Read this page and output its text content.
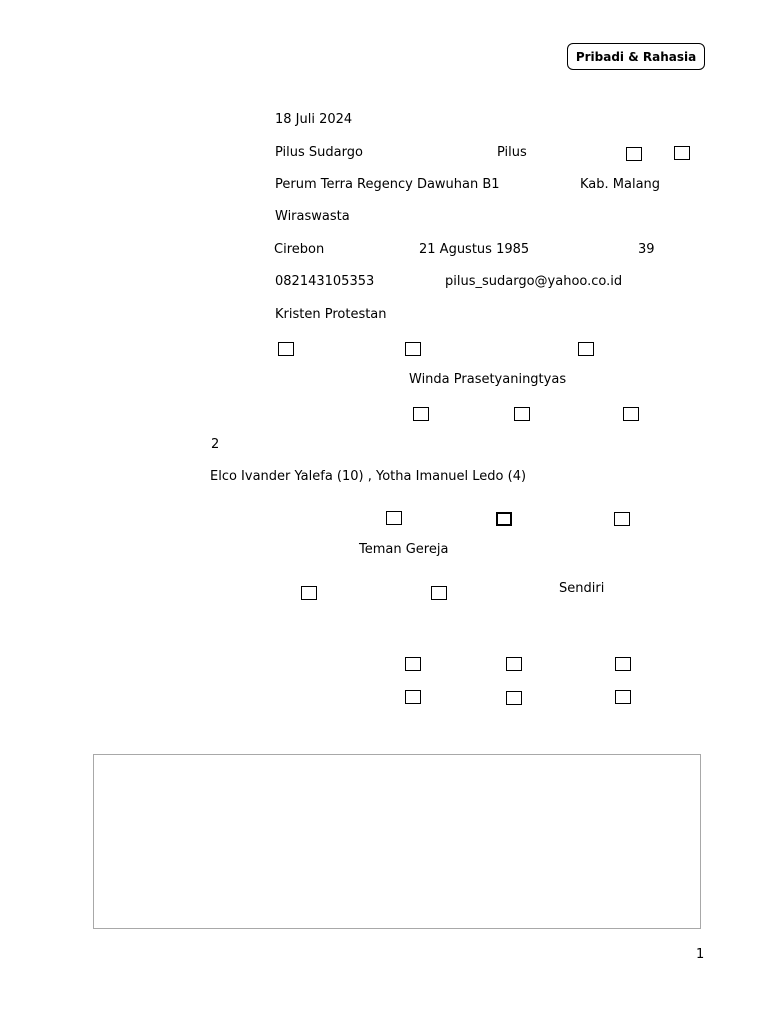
Pribadi & Rahasia
18 Juli 2024
Pilus Sudargo	Pilus
Perum Terra Regency Dawuhan B1	Kab. Malang
Wiraswasta
Cirebon	21 Agustus 1985	39
082143105353	pilus_sudargo@yahoo.co.id
Kristen Protestan
Winda Prasetyaningtyas
2
Elco Ivander Yalefa (10) , Yotha Imanuel Ledo (4)
Teman Gereja
Sendiri
1
